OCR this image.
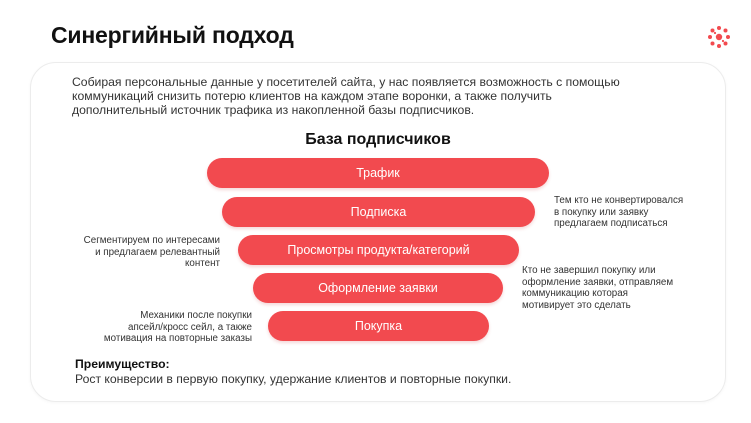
Синергийный подход
Собирая персональные данные у посетителей сайта, у нас появляется возможность с помощью
коммуникаций снизить потерю клиентов на каждом этапе воронки, а также получить
дополнительный источник трафика из накопленной базы подписчиков.
База подписчиков
Трафик
Подписка
Просмотры продукта/категорий
Оформление заявки
Покупка
Тем кто не конвертировался
в покупку или заявку
предлагаем подписаться
Сегментируем по интересами
и предлагаем релевантный
контент
Кто не завершил покупку или
оформление заявки, отправляем
коммуникацию которая
мотивирует это сделать
Механики после покупки
апсейл/кросс сейл, а также
мотивация на повторные заказы
Преимущество:
Рост конверсии в первую покупку, удержание клиентов и повторные покупки.
